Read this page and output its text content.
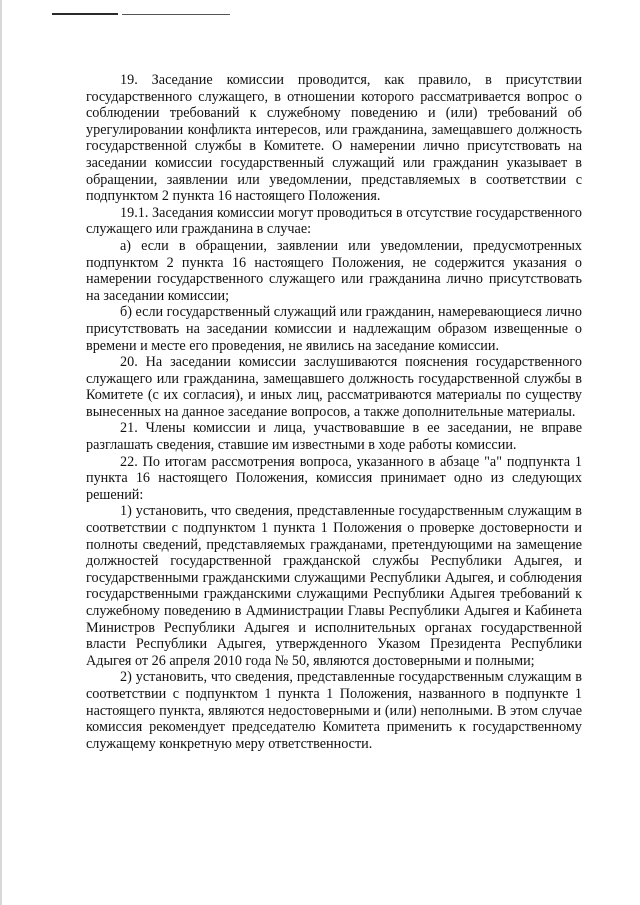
19. Заседание комиссии проводится, как правило, в присутствии государственного служащего, в отношении которого рассматривается вопрос о соблюдении требований к служебному поведению и (или) требований об урегулировании конфликта интересов, или гражданина, замещавшего должность государственной службы в Комитете. О намерении лично присутствовать на заседании комиссии государственный служащий или гражданин указывает в обращении, заявлении или уведомлении, представляемых в соответствии с подпунктом 2 пункта 16 настоящего Положения.

19.1. Заседания комиссии могут проводиться в отсутствие государственного служащего или гражданина в случае:

а) если в обращении, заявлении или уведомлении, предусмотренных подпунктом 2 пункта 16 настоящего Положения, не содержится указания о намерении государственного служащего или гражданина лично присутствовать на заседании комиссии;

б) если государственный служащий или гражданин, намеревающиеся лично присутствовать на заседании комиссии и надлежащим образом извещенные о времени и месте его проведения, не явились на заседание комиссии.

20. На заседании комиссии заслушиваются пояснения государственного служащего или гражданина, замещавшего должность государственной службы в Комитете (с их согласия), и иных лиц, рассматриваются материалы по существу вынесенных на данное заседание вопросов, а также дополнительные материалы.

21. Члены комиссии и лица, участвовавшие в ее заседании, не вправе разглашать сведения, ставшие им известными в ходе работы комиссии.

22. По итогам рассмотрения вопроса, указанного в абзаце "а" подпункта 1 пункта 16 настоящего Положения, комиссия принимает одно из следующих решений:

1) установить, что сведения, представленные государственным служащим в соответствии с подпунктом 1 пункта 1 Положения о проверке достоверности и полноты сведений, представляемых гражданами, претендующими на замещение должностей государственной гражданской службы Республики Адыгея, и государственными гражданскими служащими Республики Адыгея, и соблюдения государственными гражданскими служащими Республики Адыгея требований к служебному поведению в Администрации Главы Республики Адыгея и Кабинета Министров Республики Адыгея и исполнительных органах государственной власти Республики Адыгея, утвержденного Указом Президента Республики Адыгея от 26 апреля 2010 года № 50, являются достоверными и полными;

2) установить, что сведения, представленные государственным служащим в соответствии с подпунктом 1 пункта 1 Положения, названного в подпункте 1 настоящего пункта, являются недостоверными и (или) неполными. В этом случае комиссия рекомендует председателю Комитета применить к государственному служащему конкретную меру ответственности.
